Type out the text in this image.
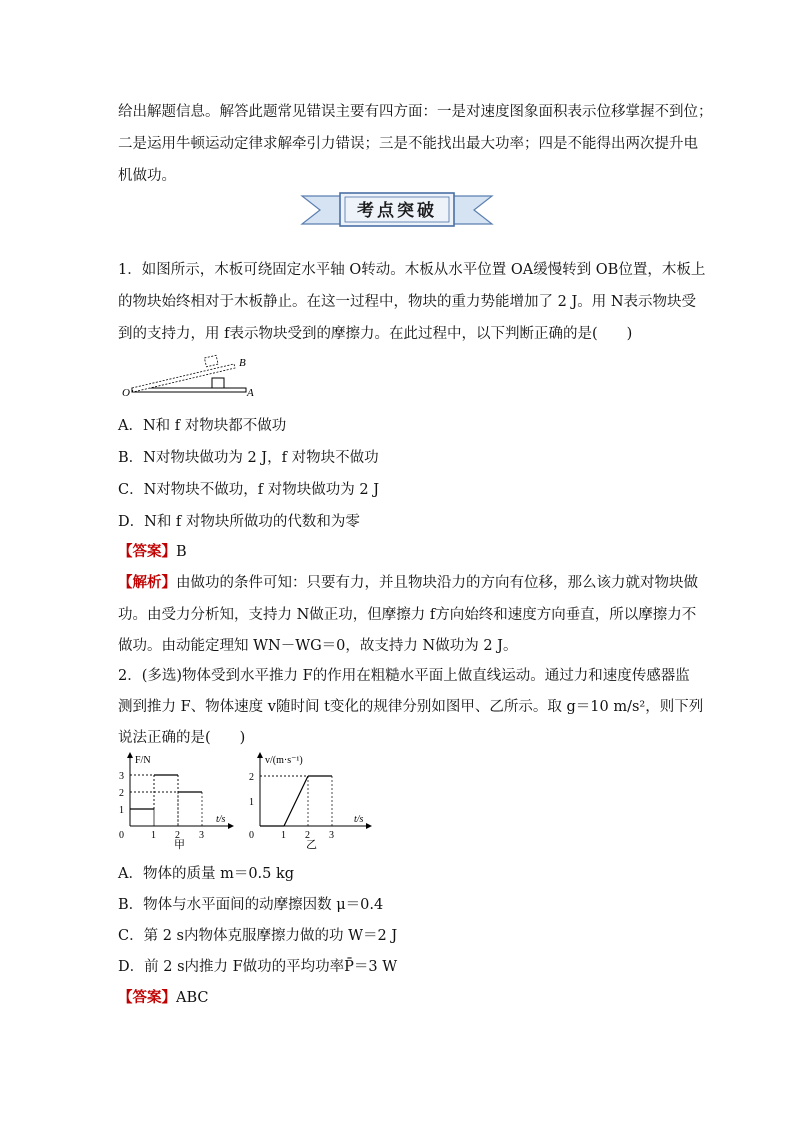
给出解题信息。解答此题常见错误主要有四方面：一是对速度图象面积表示位移掌握不到位；
二是运用牛顿运动定律求解牵引力错误；三是不能找出最大功率；四是不能得出两次提升电
机做功。
考点突破
1．如图所示，木板可绕固定水平轴 O转动。木板从水平位置 OA缓慢转到 OB位置，木板上
的物块始终相对于木板静止。在这一过程中，物块的重力势能增加了 2 J。用 N表示物块受
到的支持力，用 f表示物块受到的摩擦力。在此过程中，以下判断正确的是(　　)
O	A
B
A．N和 f 对物块都不做功
B．N对物块做功为 2 J，f 对物块不做功
C．N对物块不做功，f 对物块做功为 2 J
D．N和 f 对物块所做功的代数和为零
【答案】B
【解析】由做功的条件可知：只要有力，并且物块沿力的方向有位移，那么该力就对物块做
功。由受力分析知，支持力 N做正功，但摩擦力 f方向始终和速度方向垂直，所以摩擦力不
做功。由动能定理知 WN－WG＝0，故支持力 N做功为 2 J。
2．(多选)物体受到水平推力 F的作用在粗糙水平面上做直线运动。通过力和速度传感器监
测到推力 F、物体速度 v随时间 t变化的规律分别如图甲、乙所示。取 g＝10 m/s²，则下列
说法正确的是(　　)
F/N
t/s
0	1 2 3
3
2
1
甲
v/(m·s⁻¹)
t/s
0	1 2 3
2
1
乙
A．物体的质量 m＝0.5 kg
B．物体与水平面间的动摩擦因数 μ＝0.4
C．第 2 s内物体克服摩擦力做的功 W＝2 J
D．前 2 s内推力 F做功的平均功率P̄＝3 W
【答案】ABC
